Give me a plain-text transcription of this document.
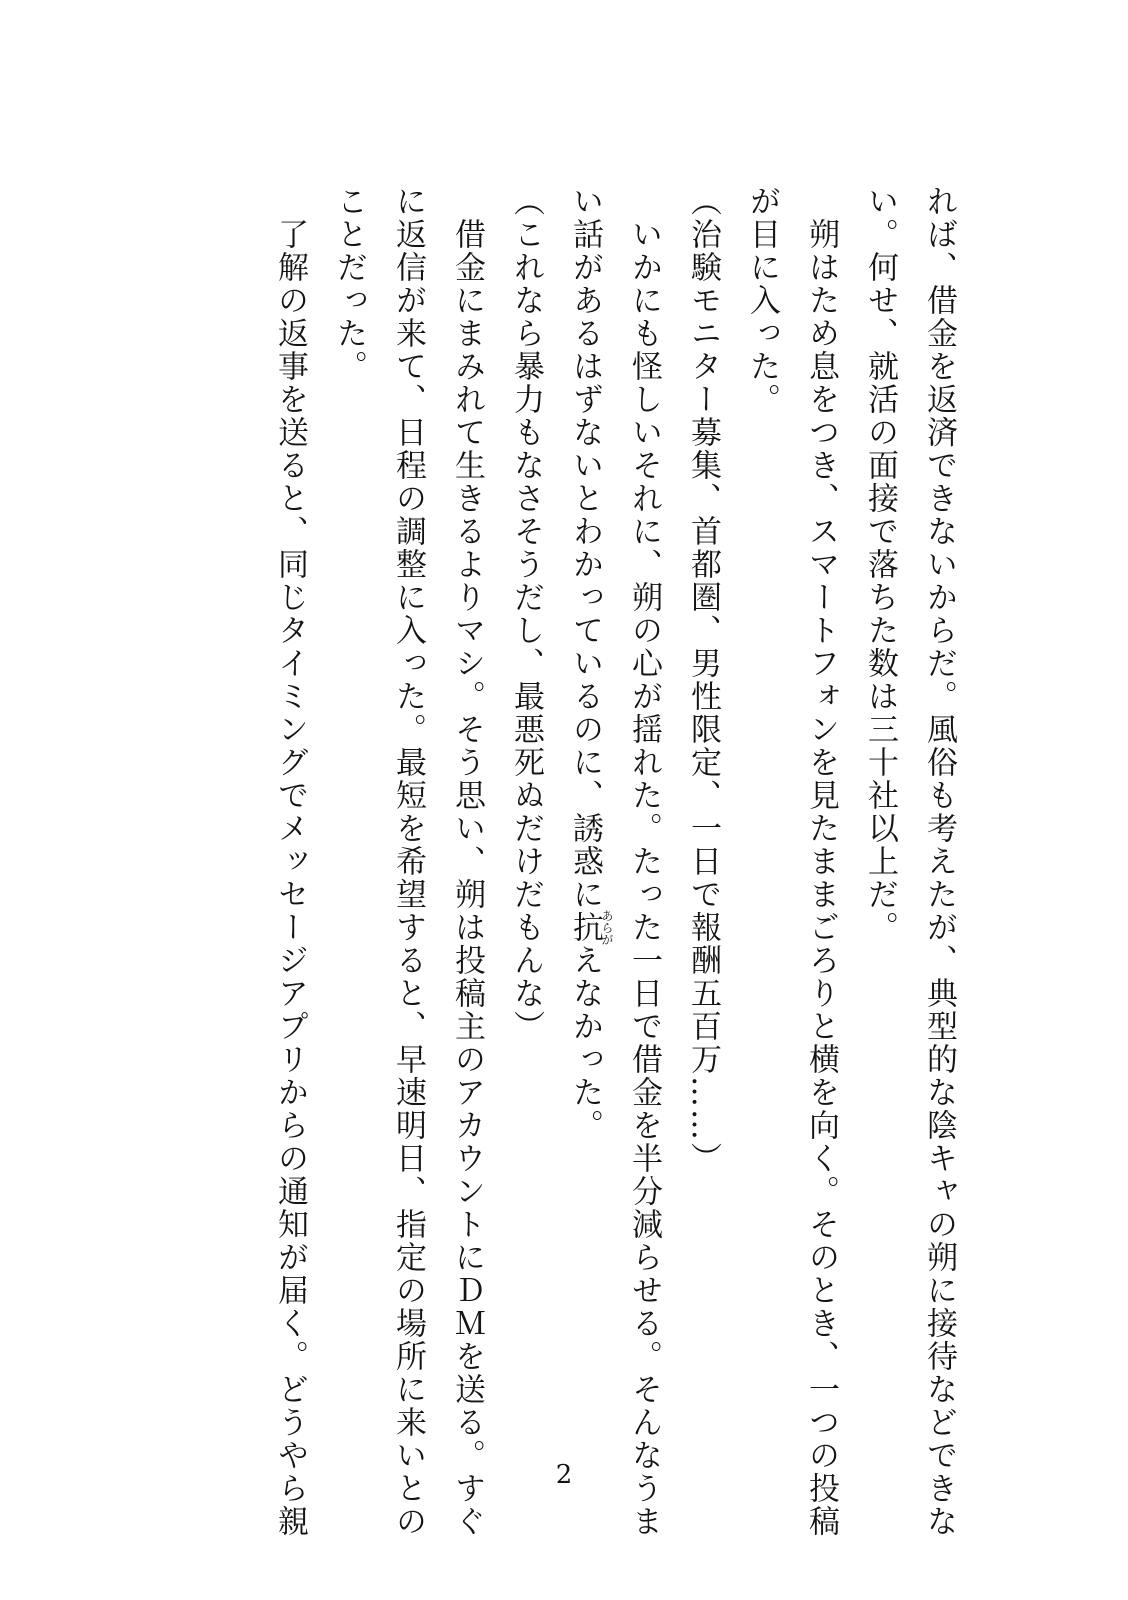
れば、借金を返済できないからだ。風俗も考えたが、典型的な陰キャの朔に接待などできな
い。何せ、就活の面接で落ちた数は三十社以上だ。
　朔はため息をつき、スマートフォンを見たままごろりと横を向く。そのとき、一つの投稿
が目に入った。
（治験モニター募集、首都圏、男性限定、一日で報酬五百万……）
　いかにも怪しいそれに、朔の心が揺れた。たった一日で借金を半分減らせる。そんなうま
い話があるはずないとわかっているのに、誘惑に抗あらがえなかった。
（これなら暴力もなさそうだし、最悪死ぬだけだもんな）
　借金にまみれて生きるよりマシ。そう思い、朔は投稿主のアカウントにＤＭを送る。すぐ
に返信が来て、日程の調整に入った。最短を希望すると、早速明日、指定の場所に来いとの
ことだった。
　了解の返事を送ると、同じタイミングでメッセージアプリからの通知が届く。どうやら親	2
